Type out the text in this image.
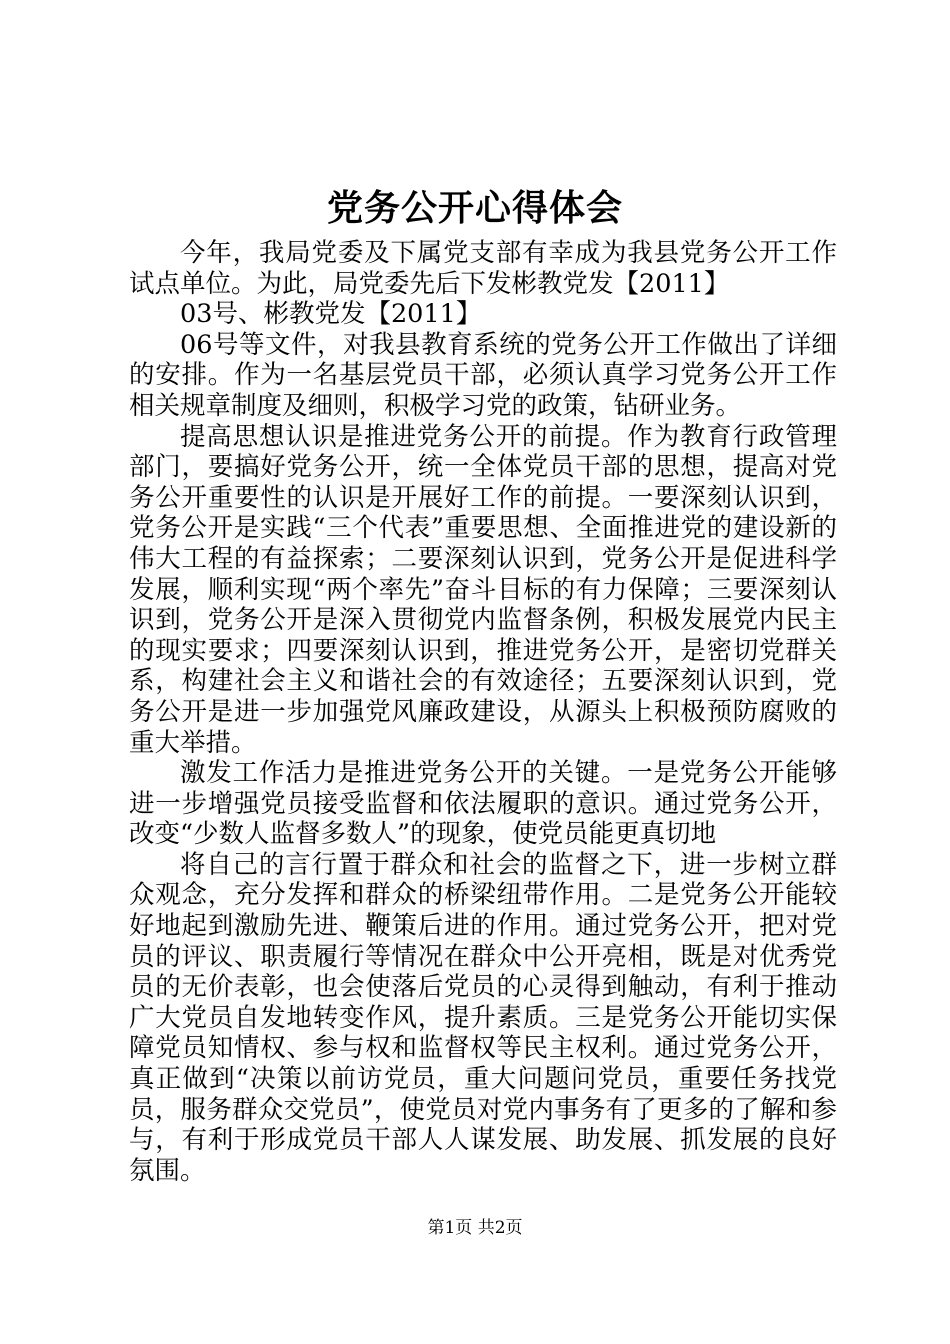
党务公开心得体会

今年，我局党委及下属党支部有幸成为我县党务公开工作试点单位。为此，局党委先后下发彬教党发【2011】

03号、彬教党发【2011】

06号等文件，对我县教育系统的党务公开工作做出了详细的安排。作为一名基层党员干部，必须认真学习党务公开工作相关规章制度及细则，积极学习党的政策，钻研业务。

提高思想认识是推进党务公开的前提。作为教育行政管理部门，要搞好党务公开，统一全体党员干部的思想，提高对党务公开重要性的认识是开展好工作的前提。一要深刻认识到，党务公开是实践“三个代表”重要思想、全面推进党的建设新的伟大工程的有益探索；二要深刻认识到，党务公开是促进科学发展，顺利实现“两个率先”奋斗目标的有力保障；三要深刻认识到，党务公开是深入贯彻党内监督条例，积极发展党内民主的现实要求；四要深刻认识到，推进党务公开，是密切党群关系，构建社会主义和谐社会的有效途径；五要深刻认识到，党务公开是进一步加强党风廉政建设，从源头上积极预防腐败的重大举措。

激发工作活力是推进党务公开的关键。一是党务公开能够进一步增强党员接受监督和依法履职的意识。通过党务公开，改变“少数人监督多数人”的现象，使党员能更真切地

将自己的言行置于群众和社会的监督之下，进一步树立群众观念，充分发挥和群众的桥梁纽带作用。二是党务公开能较好地起到激励先进、鞭策后进的作用。通过党务公开，把对党员的评议、职责履行等情况在群众中公开亮相，既是对优秀党员的无价表彰，也会使落后党员的心灵得到触动，有利于推动广大党员自发地转变作风，提升素质。三是党务公开能切实保障党员知情权、参与权和监督权等民主权利。通过党务公开，真正做到“决策以前访党员，重大问题问党员，重要任务找党员，服务群众交党员”，使党员对党内事务有了更多的了解和参与，有利于形成党员干部人人谋发展、助发展、抓发展的良好氛围。

第1页 共2页
